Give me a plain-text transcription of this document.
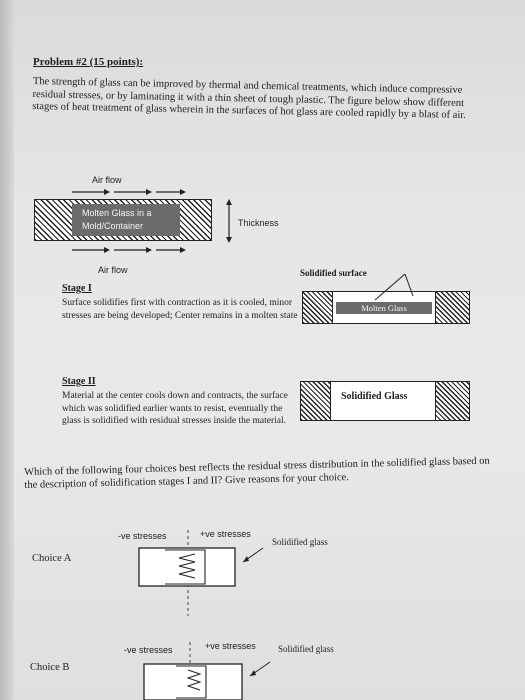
Problem #2 (15 points):
The strength of glass can be improved by thermal and chemical treatments, which induce compressive residual stresses, or by laminating it with a thin sheet of tough plastic. The figure below show different stages of heat treatment of glass wherein in the surfaces of hot glass are cooled rapidly by a blast of air.
Air flow
Molten Glass in a
Mold/Container	Thickness
Air flow
Stage I
Surface solidifies first with contraction as it is cooled, minor stresses are being developed; Center remains in a molten state
Solidified surface
Molten Glass
Stage II
Material at the center cools down and contracts, the surface which was solidified earlier wants to resist, eventually the glass is solidified with residual stresses inside the material.
Solidified Glass
Which of the following four choices best reflects the residual stress distribution in the solidified glass based on the description of solidification stages I and II? Give reasons for your choice.
-ve stresses	+ve stresses
Solidified glass
Choice A
-ve stresses	+ve stresses Solidified glass
Choice B
